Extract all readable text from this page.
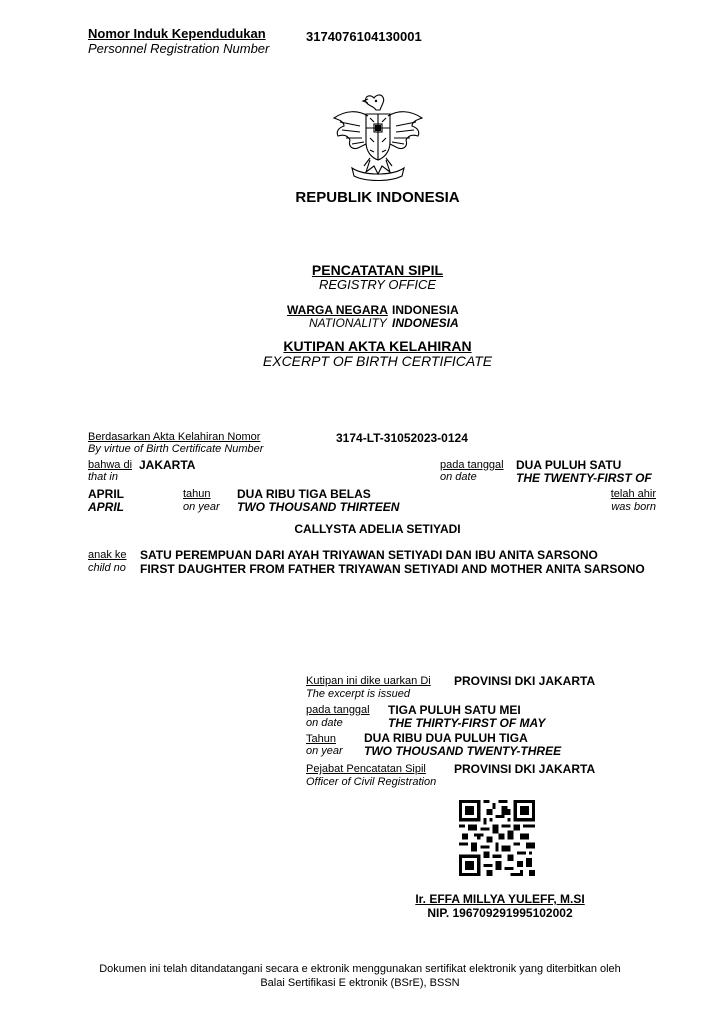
Nomor Induk Kependudukan
Personnel Registration Number
3174076104130001
REPUBLIK INDONESIA
PENCATATAN SIPIL
REGISTRY OFFICE
WARGA NEGARA INDONESIA
NATIONALITY INDONESIA
KUTIPAN AKTA KELAHIRAN
EXCERPT OF BIRTH CERTIFICATE
Berdasarkan Akta Kelahiran Nomor
By virtue of Birth Certificate Number
3174-LT-31052023-0124
bahwa di JAKARTA
that in
pada tanggal
on date
DUA PULUH SATU
THE TWENTY-FIRST OF
APRIL
APRIL
tahun
on year
DUA RIBU TIGA BELAS
TWO THOUSAND THIRTEEN
telah ahir
was born
CALLYSTA ADELIA SETIYADI
anak ke
child no
SATU PEREMPUAN DARI AYAH TRIYAWAN SETIYADI DAN IBU ANITA SARSONO
FIRST DAUGHTER FROM FATHER TRIYAWAN SETIYADI AND MOTHER ANITA SARSONO
Kutipan ini dike uarkan Di
The excerpt is issued
PROVINSI DKI JAKARTA
pada tanggal
on date
TIGA PULUH SATU MEI
THE THIRTY-FIRST OF MAY
Tahun
on year
DUA RIBU DUA PULUH TIGA
TWO THOUSAND TWENTY-THREE
Pejabat Pencatatan Sipil
Officer of Civil Registration
PROVINSI DKI JAKARTA
Ir. EFFA MILLYA YULEFF, M.SI
NIP. 196709291995102002
Dokumen ini telah ditandatangani secara e ektronik menggunakan sertifikat elektronik yang diterbitkan oleh
Balai Sertifikasi E ektronik (BSrE), BSSN
